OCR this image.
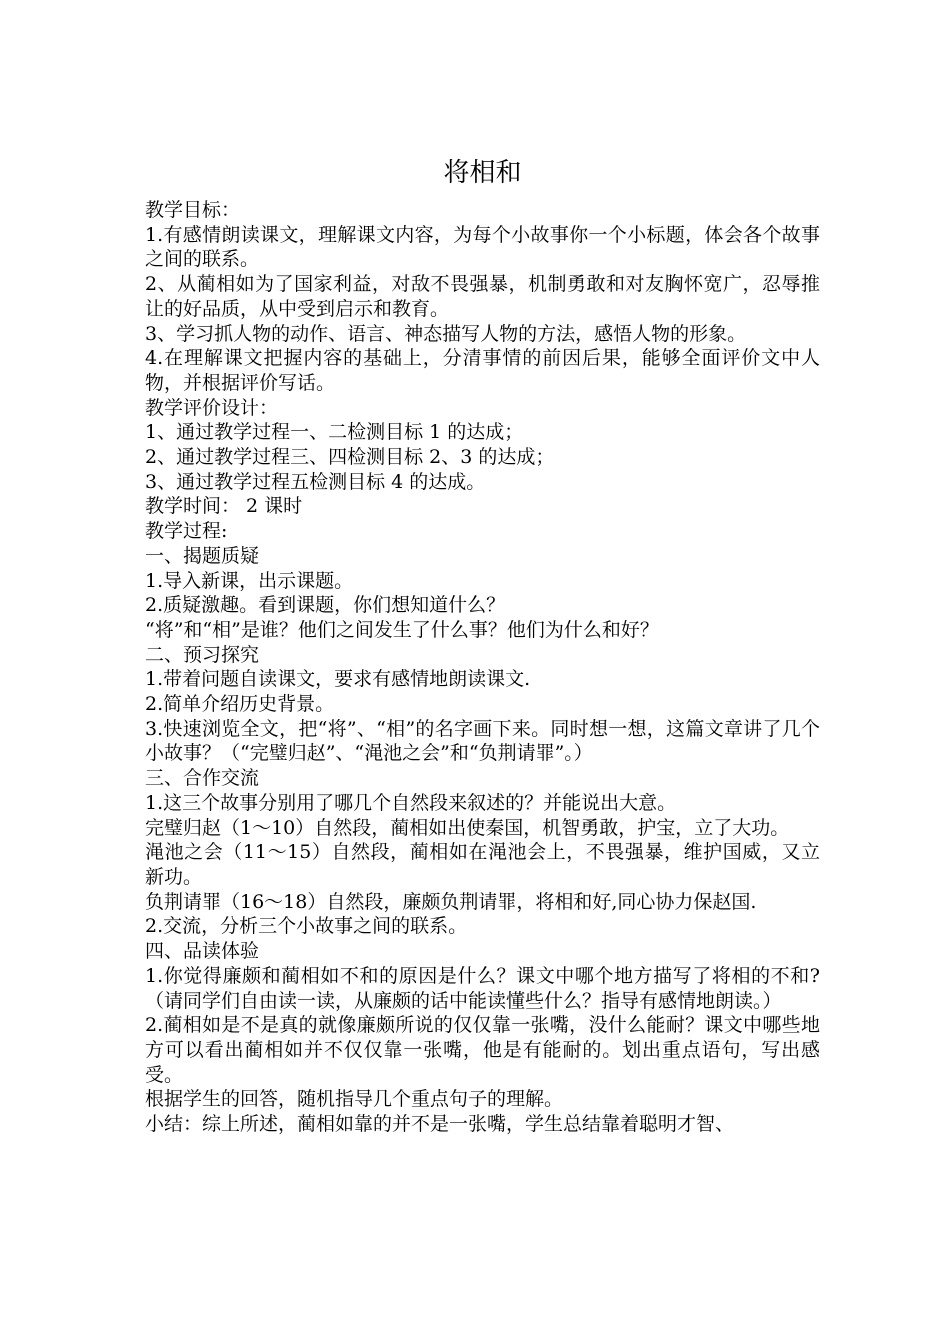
将相和

教学目标：

1.有感情朗读课文，理解课文内容，为每个小故事你一个小标题，体会各个故事之间的联系。

2、从蔺相如为了国家利益，对敌不畏强暴，机制勇敢和对友胸怀宽广，忍辱推让的好品质，从中受到启示和教育。

3、学习抓人物的动作、语言、神态描写人物的方法，感悟人物的形象。

4.在理解课文把握内容的基础上，分清事情的前因后果，能够全面评价文中人物，并根据评价写话。

教学评价设计：

1、通过教学过程一、二检测目标 1 的达成；

2、通过教学过程三、四检测目标 2、3 的达成；

3、通过教学过程五检测目标 4 的达成。

教学时间： 2 课时

教学过程:

一、揭题质疑

1.导入新课，出示课题。

2.质疑激趣。看到课题，你们想知道什么？

“将”和“相”是谁？他们之间发生了什么事？他们为什么和好？

二、预习探究

1.带着问题自读课文，要求有感情地朗读课文.

2.简单介绍历史背景。

3.快速浏览全文，把“将”、“相”的名字画下来。同时想一想，这篇文章讲了几个小故事？（“完璧归赵”、“渑池之会”和“负荆请罪”。）

三、合作交流

1.这三个故事分别用了哪几个自然段来叙述的？并能说出大意。

完璧归赵（1～10）自然段，蔺相如出使秦国，机智勇敢，护宝，立了大功。

渑池之会（11～15）自然段，蔺相如在渑池会上，不畏强暴，维护国威，又立新功。

负荆请罪（16～18）自然段，廉颇负荆请罪，将相和好,同心协力保赵国.

2.交流，分析三个小故事之间的联系。

四、品读体验

1.你觉得廉颇和蔺相如不和的原因是什么？课文中哪个地方描写了将相的不和?（请同学们自由读一读，从廉颇的话中能读懂些什么？指导有感情地朗读。）

2.蔺相如是不是真的就像廉颇所说的仅仅靠一张嘴，没什么能耐？课文中哪些地方可以看出蔺相如并不仅仅靠一张嘴，他是有能耐的。划出重点语句，写出感受。

根据学生的回答，随机指导几个重点句子的理解。

小结：综上所述，蔺相如靠的并不是一张嘴，学生总结靠着聪明才智、
